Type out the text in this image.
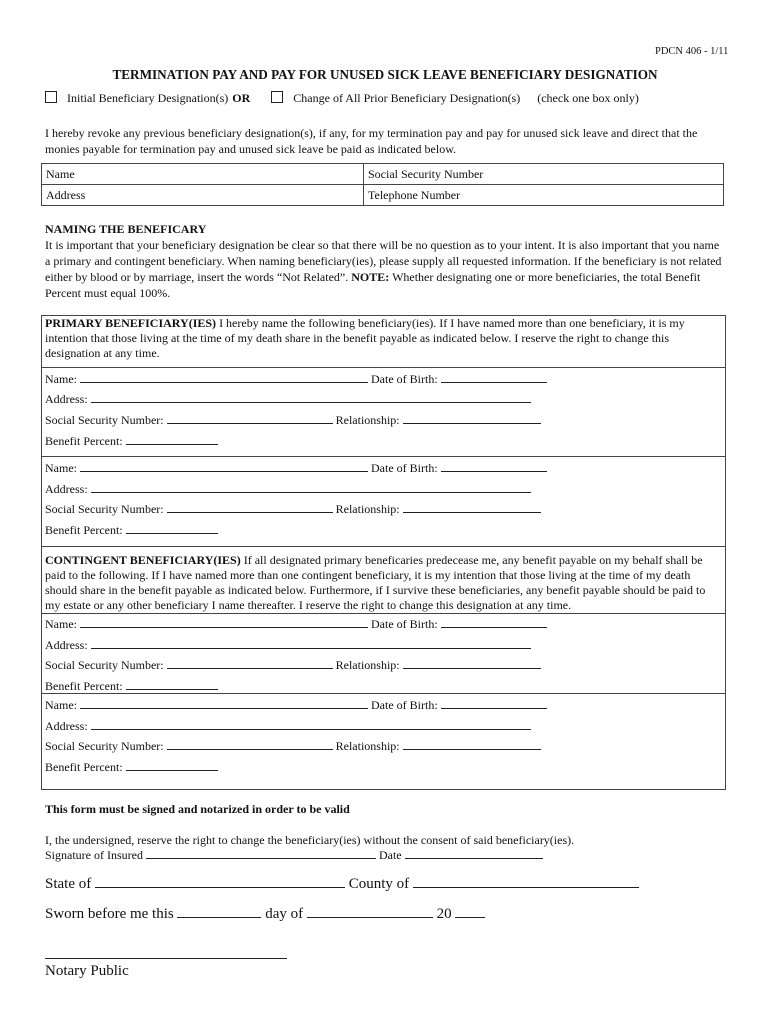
PDCN 406 - 1/11
TERMINATION PAY AND PAY FOR UNUSED SICK LEAVE BENEFICIARY DESIGNATION
Initial Beneficiary Designation(s) OR	Change of All Prior Beneficiary Designation(s) (check one box only)
I hereby revoke any previous beneficiary designation(s), if any, for my termination pay and pay for unused sick leave and direct that the monies payable for termination pay and unused sick leave be paid as indicated below.
Name	Social Security Number
Address	Telephone Number
NAMING THE BENEFICARY
It is important that your beneficiary designation be clear so that there will be no question as to your intent. It is also important that you name a primary and contingent beneficiary. When naming beneficiary(ies), please supply all requested information. If the beneficiary is not related either by blood or by marriage, insert the words “Not Related”. NOTE: Whether designating one or more beneficiaries, the total Benefit Percent must equal 100%.
PRIMARY BENEFICIARY(IES) I hereby name the following beneficiary(ies). If I have named more than one beneficiary, it is my intention that those living at the time of my death share in the benefit payable as indicated below. I reserve the right to change this designation at any time.
Name:	Date of Birth:
Address:
Social Security Number:	Relationship:
Benefit Percent:
Name:	Date of Birth:
Address:
Social Security Number:	Relationship:
Benefit Percent:
CONTINGENT BENEFICIARY(IES) If all designated primary beneficaries predecease me, any benefit payable on my behalf shall be paid to the following. If I have named more than one contingent beneficiary, it is my intention that those living at the time of my death should share in the benefit payable as indicated below. Furthermore, if I survive these beneficiaries, any benefit payable should be paid to my estate or any other beneficiary I name thereafter. I reserve the right to change this designation at any time.
Name:	Date of Birth:
Address:
Social Security Number:	Relationship:
Benefit Percent:
Name:	Date of Birth:
Address:
Social Security Number:	Relationship:
Benefit Percent:
This form must be signed and notarized in order to be valid
I, the undersigned, reserve the right to change the beneficiary(ies) without the consent of said beneficiary(ies).
Signature of Insured	Date
State of	County of
Sworn before me this	day of	20
Notary Public
